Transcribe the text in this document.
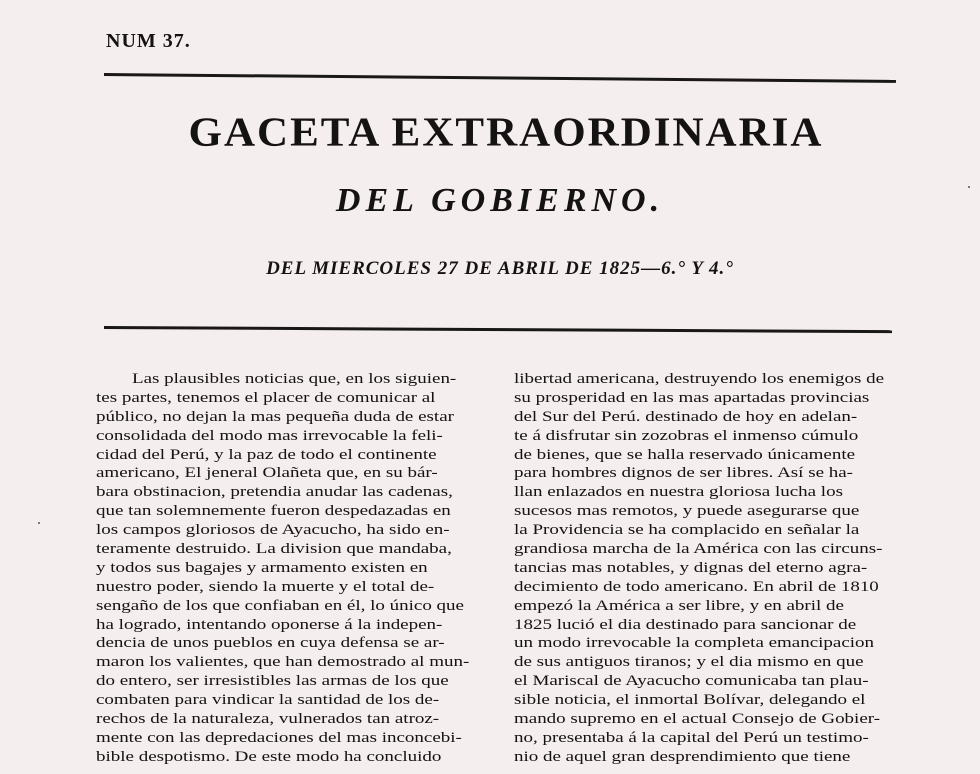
NUM 37.
GACETA EXTRAORDINARIA
DEL GOBIERNO.
DEL MIERCOLES 27 DE ABRIL DE 1825—6.° Y 4.°
Las plausibles noticias que, en los siguien-
tes partes, tenemos el placer de comunicar al
público, no dejan la mas pequeña duda de estar
consolidada del modo mas irrevocable la feli-
cidad del Perú, y la paz de todo el continente
americano, El jeneral Olañeta que, en su bár-
bara obstinacion, pretendia anudar las cadenas,
que tan solemnemente fueron despedazadas en
los campos gloriosos de Ayacucho, ha sido en-
teramente destruido. La division que mandaba,
y todos sus bagajes y armamento existen en
nuestro poder, siendo la muerte y el total de-
sengaño de los que confiaban en él, lo único que
ha logrado, intentando oponerse á la indepen-
dencia de unos pueblos en cuya defensa se ar-
maron los valientes, que han demostrado al mun-
do entero, ser irresistibles las armas de los que
combaten para vindicar la santidad de los de-
rechos de la naturaleza, vulnerados tan atroz-
mente con las depredaciones del mas inconcebi-
bible despotismo. De este modo ha concluido
libertad americana, destruyendo los enemigos de
su prosperidad en las mas apartadas provincias
del Sur del Perú. destinado de hoy en adelan-
te á disfrutar sin zozobras el inmenso cúmulo
de bienes, que se halla reservado únicamente
para hombres dignos de ser libres. Así se ha-
llan enlazados en nuestra gloriosa lucha los
sucesos mas remotos, y puede asegurarse que
la Providencia se ha complacido en señalar la
grandiosa marcha de la América con las circuns-
tancias mas notables, y dignas del eterno agra-
decimiento de todo americano. En abril de 1810
empezó la América a ser libre, y en abril de
1825 lució el dia destinado para sancionar de
un modo irrevocable la completa emancipacion
de sus antiguos tiranos; y el dia mismo en que
el Mariscal de Ayacucho comunicaba tan plau-
sible noticia, el inmortal Bolívar, delegando el
mando supremo en el actual Consejo de Gobier-
no, presentaba á la capital del Perú un testimo-
nio de aquel gran desprendimiento que tiene
